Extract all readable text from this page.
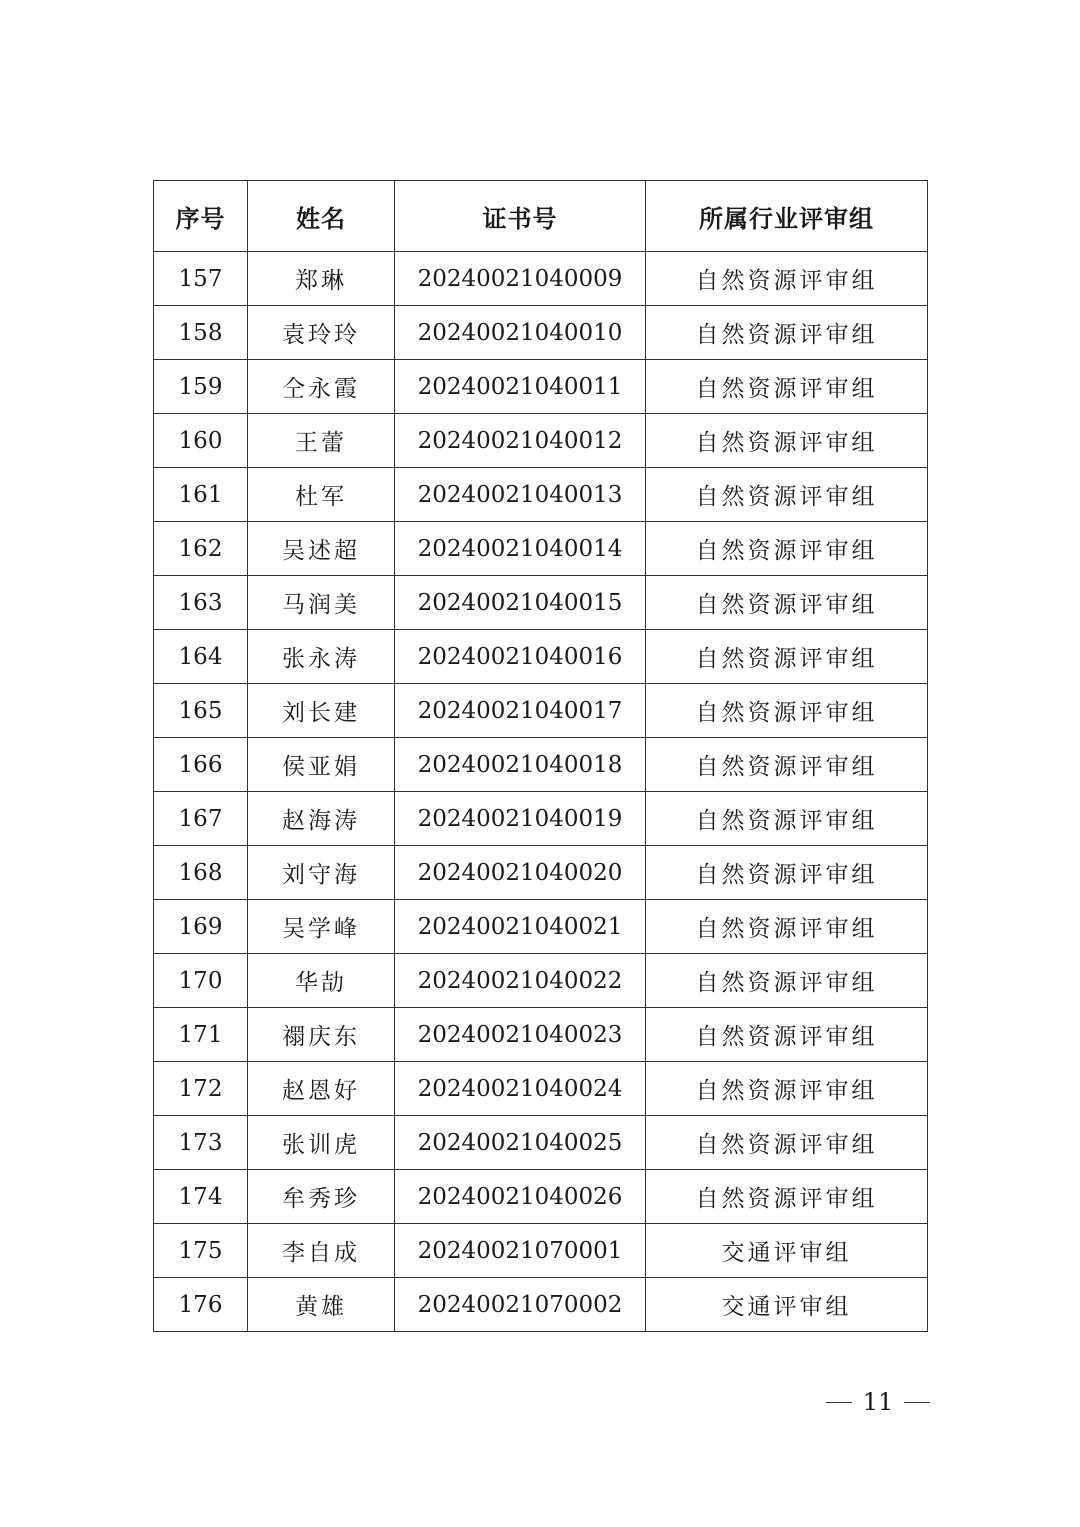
序号	姓名	证书号	所属行业评审组
157	郑琳	20240021040009	自然资源评审组
158	袁玲玲	20240021040010	自然资源评审组
159	仝永霞	20240021040011	自然资源评审组
160	王蕾	20240021040012	自然资源评审组
161	杜军	20240021040013	自然资源评审组
162	吴述超	20240021040014	自然资源评审组
163	马润美	20240021040015	自然资源评审组
164	张永涛	20240021040016	自然资源评审组
165	刘长建	20240021040017	自然资源评审组
166	侯亚娟	20240021040018	自然资源评审组
167	赵海涛	20240021040019	自然资源评审组
168	刘守海	20240021040020	自然资源评审组
169	吴学峰	20240021040021	自然资源评审组
170	华劼	20240021040022	自然资源评审组
171	禤庆东	20240021040023	自然资源评审组
172	赵恩好	20240021040024	自然资源评审组
173	张训虎	20240021040025	自然资源评审组
174	牟秀珍	20240021040026	自然资源评审组
175	李自成	20240021070001	交通评审组
176	黄雄	20240021070002	交通评审组
11
